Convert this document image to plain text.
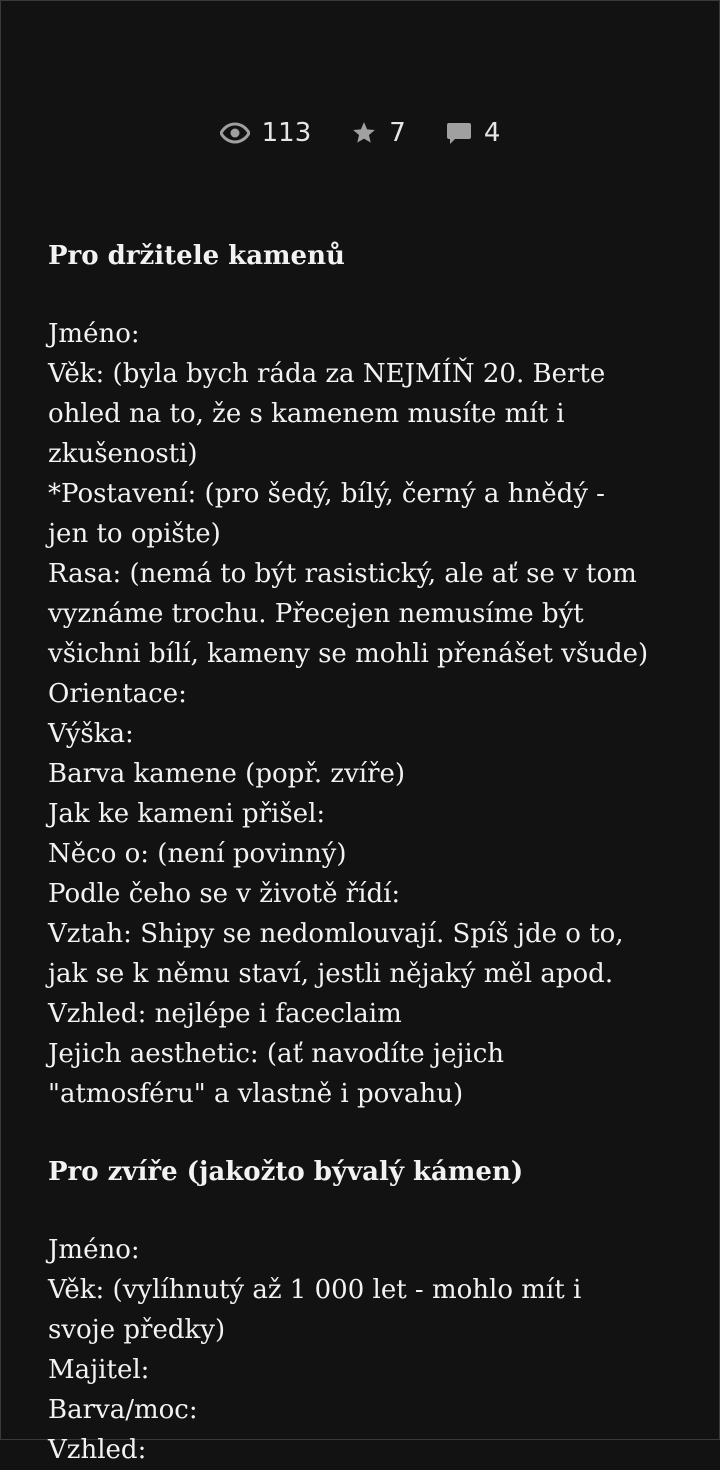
113	7	4
Pro držitele kamenů
Jméno:
Věk: (byla bych ráda za NEJMÍŇ 20. Berte
ohled na to, že s kamenem musíte mít i
zkušenosti)
*Postavení: (pro šedý, bílý, černý a hnědý -
jen to opište)
Rasa: (nemá to být rasistický, ale ať se v tom
vyznáme trochu. Přecejen nemusíme být
všichni bílí, kameny se mohli přenášet všude)
Orientace:
Výška:
Barva kamene (popř. zvíře)
Jak ke kameni přišel:
Něco o: (není povinný)
Podle čeho se v životě řídí:
Vztah: Shipy se nedomlouvají. Spíš jde o to,
jak se k němu staví, jestli nějaký měl apod.
Vzhled: nejlépe i faceclaim
Jejich aesthetic: (ať navodíte jejich
"atmosféru" a vlastně i povahu)
Pro zvíře (jakožto bývalý kámen)
Jméno:
Věk: (vylíhnutý až 1 000 let - mohlo mít i
svoje předky)
Majitel:
Barva/moc:
Vzhled:
